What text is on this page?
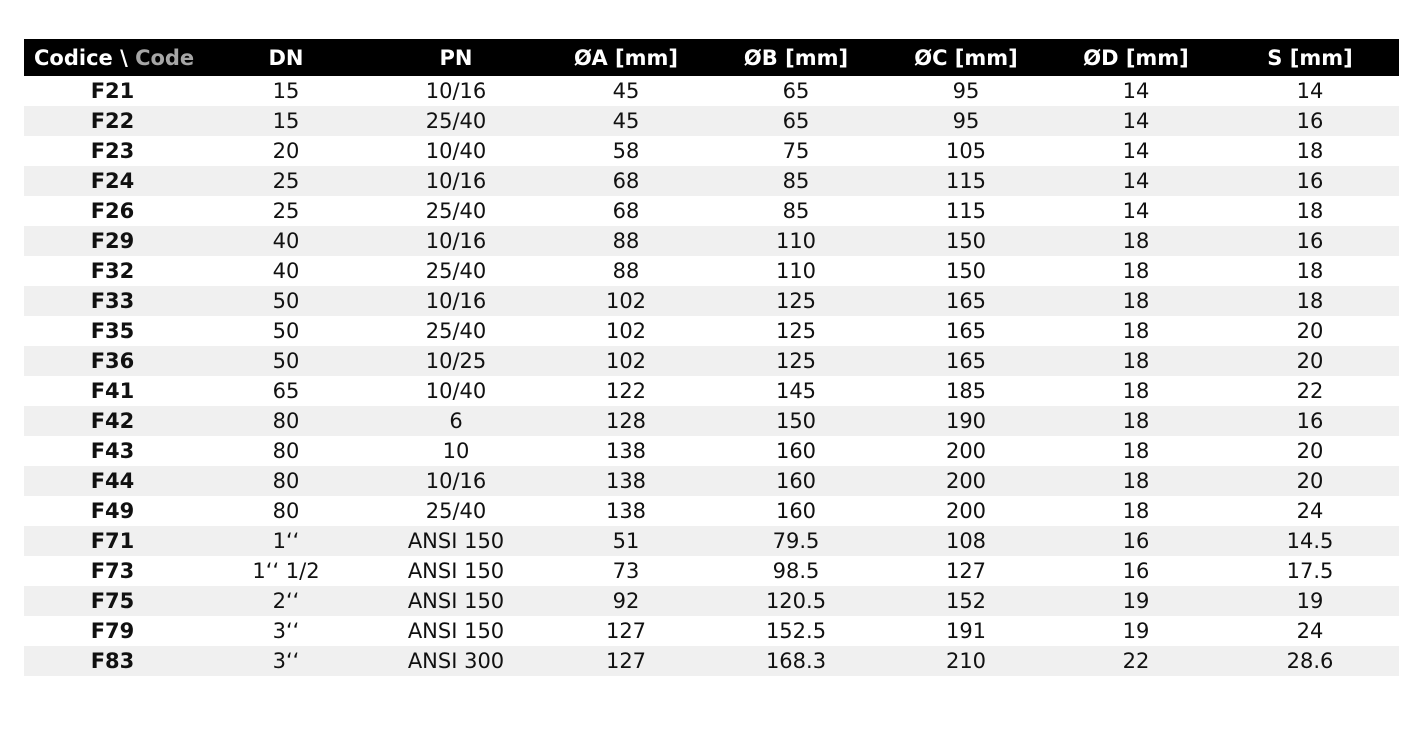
Codice \ Code	DN	PN	ØA [mm]	ØB [mm]	ØC [mm]	ØD [mm]	S [mm]
F21	15	10/16	45	65	95	14	14
F22	15	25/40	45	65	95	14	16
F23	20	10/40	58	75	105	14	18
F24	25	10/16	68	85	115	14	16
F26	25	25/40	68	85	115	14	18
F29	40	10/16	88	110	150	18	16
F32	40	25/40	88	110	150	18	18
F33	50	10/16	102	125	165	18	18
F35	50	25/40	102	125	165	18	20
F36	50	10/25	102	125	165	18	20
F41	65	10/40	122	145	185	18	22
F42	80	6	128	150	190	18	16
F43	80	10	138	160	200	18	20
F44	80	10/16	138	160	200	18	20
F49	80	25/40	138	160	200	18	24
F71	1‘‘	ANSI 150	51	79.5	108	16	14.5
F73	1‘‘ 1/2	ANSI 150	73	98.5	127	16	17.5
F75	2‘‘	ANSI 150	92	120.5	152	19	19
F79	3‘‘	ANSI 150	127	152.5	191	19	24
F83	3‘‘	ANSI 300	127	168.3	210	22	28.6
